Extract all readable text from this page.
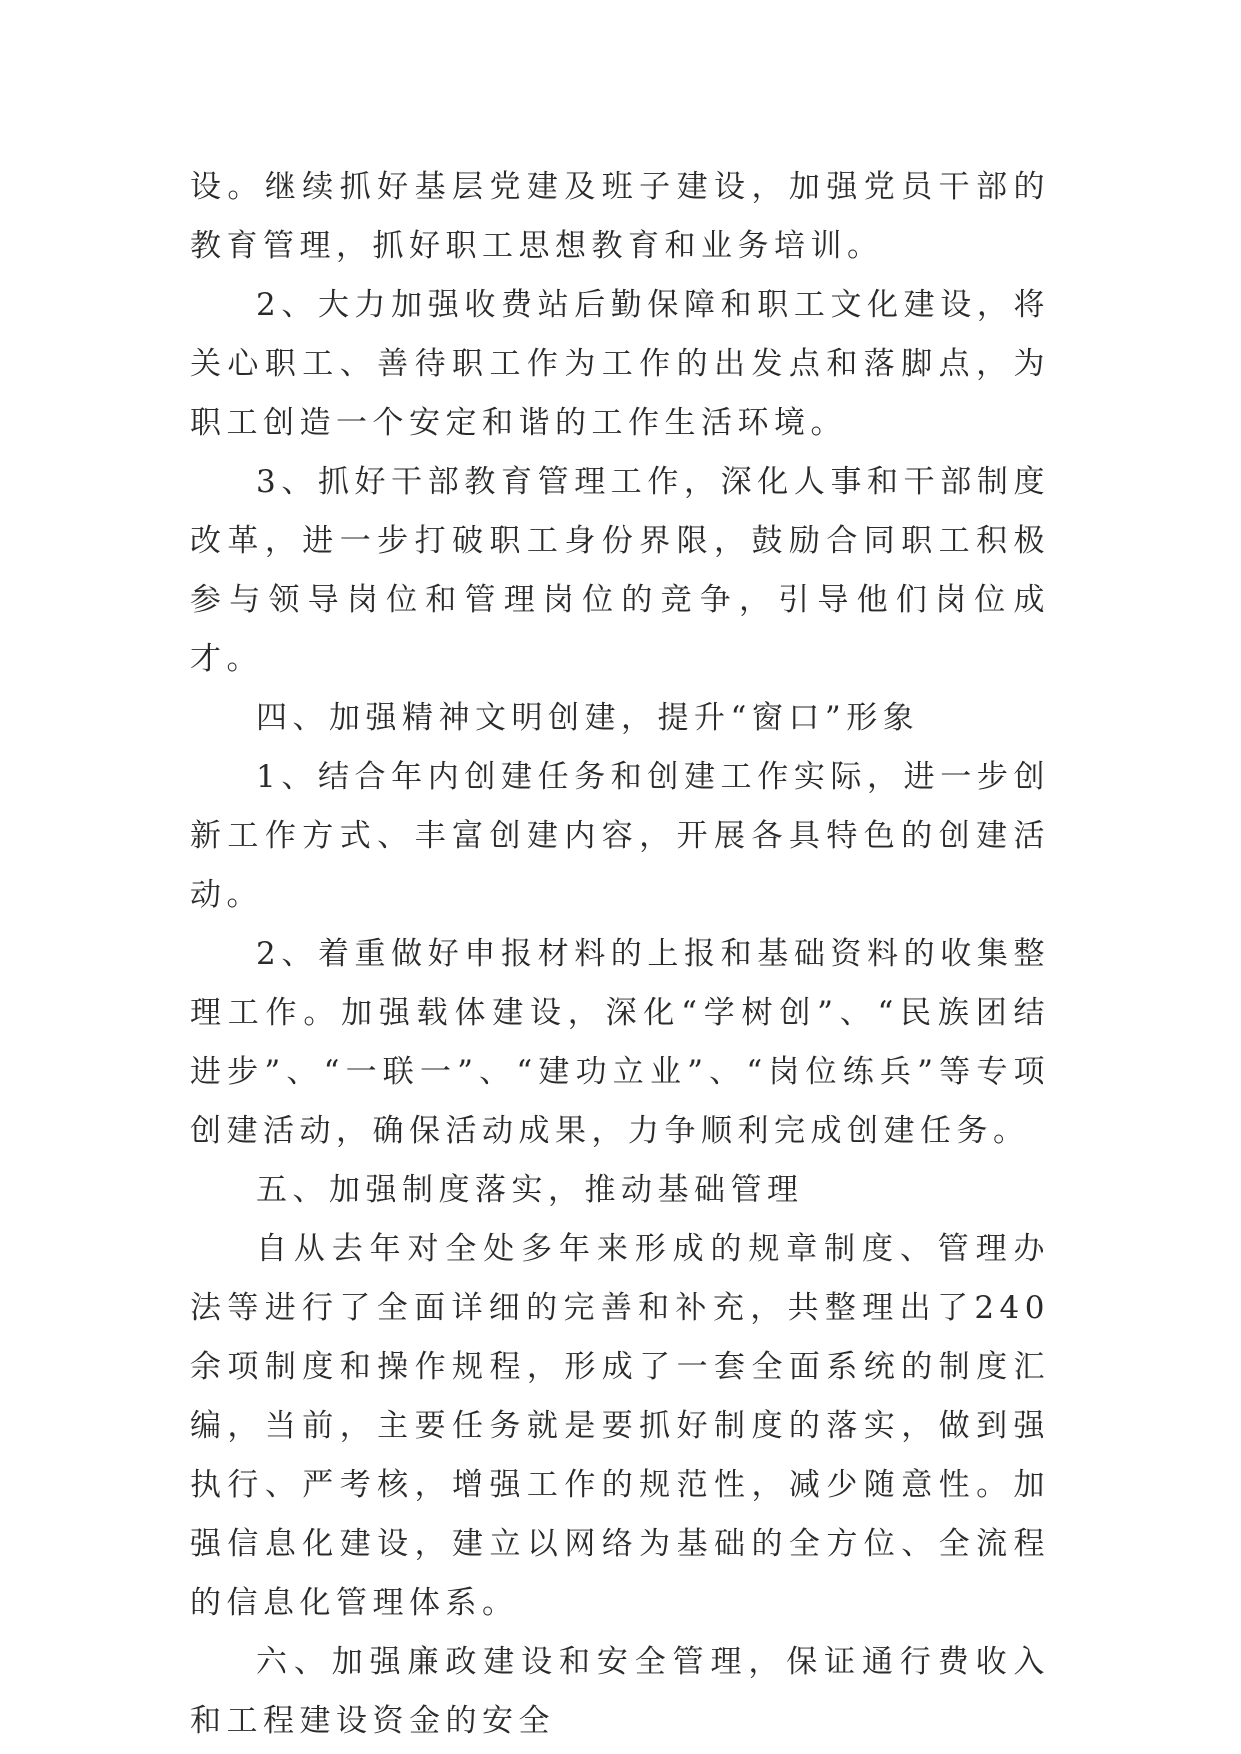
设。继续抓好基层党建及班子建设，加强党员干部的教育管理，抓好职工思想教育和业务培训。

2、大力加强收费站后勤保障和职工文化建设，将关心职工、善待职工作为工作的出发点和落脚点，为职工创造一个安定和谐的工作生活环境。

3、抓好干部教育管理工作，深化人事和干部制度改革，进一步打破职工身份界限，鼓励合同职工积极参与领导岗位和管理岗位的竞争，引导他们岗位成才。

四、加强精神文明创建，提升“窗口”形象

1、结合年内创建任务和创建工作实际，进一步创新工作方式、丰富创建内容，开展各具特色的创建活动。

2、着重做好申报材料的上报和基础资料的收集整理工作。加强载体建设，深化“学树创”、“民族团结进步”、“一联一”、“建功立业”、“岗位练兵”等专项创建活动，确保活动成果，力争顺利完成创建任务。

五、加强制度落实，推动基础管理

自从去年对全处多年来形成的规章制度、管理办法等进行了全面详细的完善和补充，共整理出了240余项制度和操作规程，形成了一套全面系统的制度汇编，当前，主要任务就是要抓好制度的落实，做到强执行、严考核，增强工作的规范性，减少随意性。加强信息化建设，建立以网络为基础的全方位、全流程的信息化管理体系。

六、加强廉政建设和安全管理，保证通行费收入和工程建设资金的安全
